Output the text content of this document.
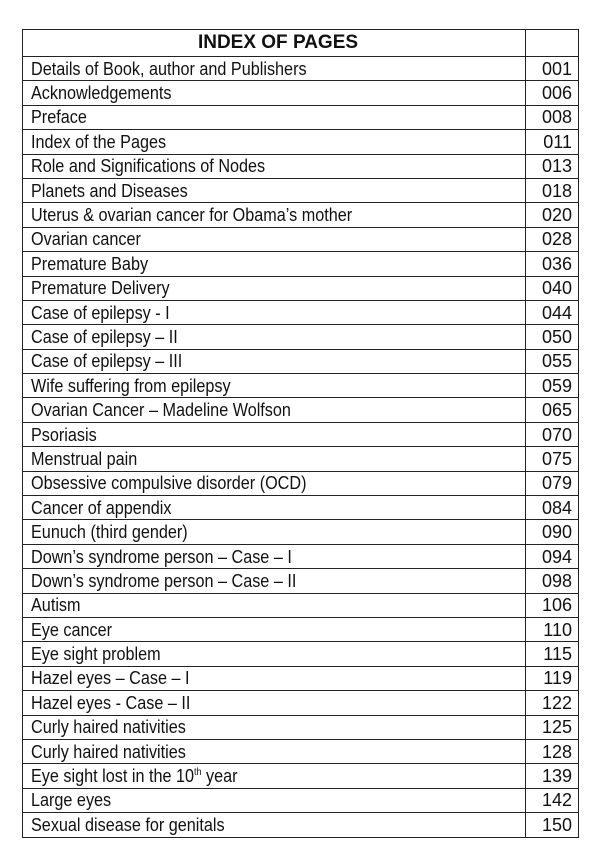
INDEX OF PAGES	
Details of Book, author and Publishers	001
Acknowledgements	006
Preface	008
Index of the Pages	011
Role and Significations of Nodes	013
Planets and Diseases	018
Uterus & ovarian cancer for Obama’s mother	020
Ovarian cancer	028
Premature Baby	036
Premature Delivery	040
Case of epilepsy - I	044
Case of epilepsy – II	050
Case of epilepsy – III	055
Wife suffering from epilepsy	059
Ovarian Cancer – Madeline Wolfson	065
Psoriasis	070
Menstrual pain	075
Obsessive compulsive disorder (OCD)	079
Cancer of appendix	084
Eunuch (third gender)	090
Down’s syndrome person – Case – I	094
Down’s syndrome person – Case – II	098
Autism	106
Eye cancer	110
Eye sight problem	115
Hazel eyes – Case – I	119
Hazel eyes - Case – II	122
Curly haired nativities	125
Curly haired nativities	128
Eye sight lost in the 10th year	139
Large eyes	142
Sexual disease for genitals	150
